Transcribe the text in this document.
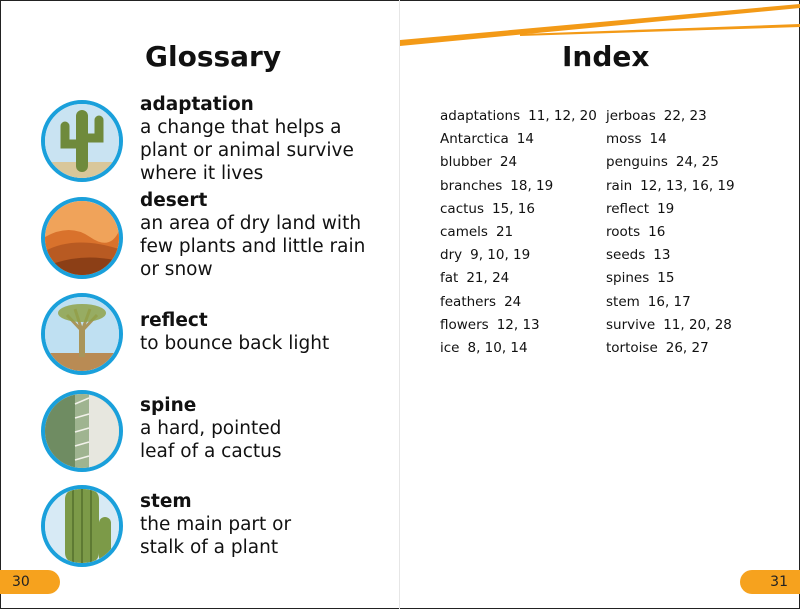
Glossary	Index
adaptation
a change that helps a
plant or animal survive
where it lives
desert
an area of dry land with
few plants and little rain
or snow
reflect
to bounce back light
spine
a hard, pointed
leaf of a cactus
stem
the main part or
stalk of a plant
adaptations 11, 12, 20
Antarctica 14
blubber 24
branches 18, 19
cactus 15, 16
camels 21
dry 9, 10, 19
fat 21, 24
feathers 24
flowers 12, 13
ice 8, 10, 14
jerboas 22, 23
moss 14
penguins 24, 25
rain 12, 13, 16, 19
reflect 19
roots 16
seeds 13
spines 15
stem 16, 17
survive 11, 20, 28
tortoise 26, 27
30	31
